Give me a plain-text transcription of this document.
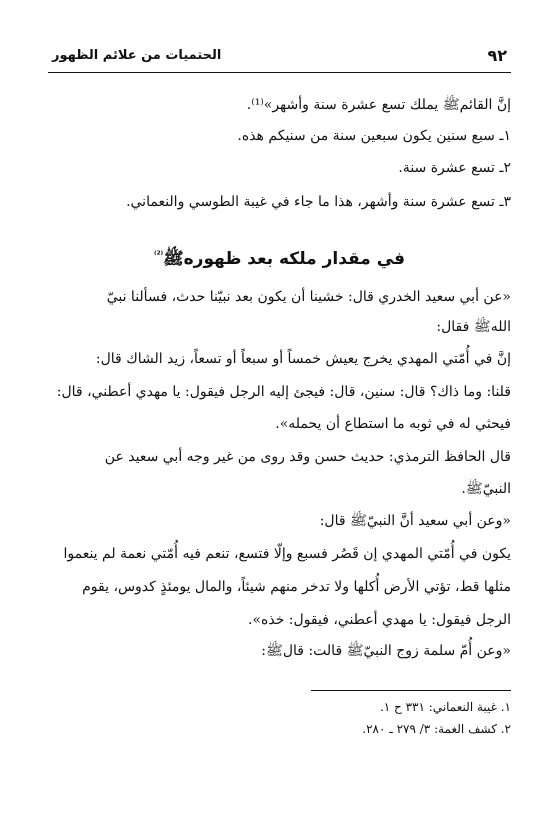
٩٢
الحتميات من علائم الظهور
إنَّ القائمﷺ يملك تسع عشرة سنة وأشهر»⁽¹⁾.
١ـ سبع سنين يكون سبعين سنة من سنيكم هذه.
٢ـ تسع عشرة سنة.
٣ـ تسع عشرة سنة وأشهر، هذا ما جاء في غيبة الطوسي والنعماني.
في مقدار ملكه بعد ظهورهﷺ$^{^{(2)}}$
«عن أبي سعيد الخدري قال: خشينا أن يكون بعد نبيّنا حدث، فسألنا نبيّ
اللهﷺ فقال:
إنَّ في أُمّتي المهدي يخرج يعيش خمساً أو سبعاً أو تسعاً، زيد الشاك قال:
قلنا: وما ذاك؟ قال: سنين، قال: فيجئ إليه الرجل فيقول: يا مهدي أعطني، قال:
فيحثي له في ثوبه ما استطاع أن يحمله».
قال الحافظ الترمذي: حديث حسن وقد روى من غير وجه أبي سعيد عن
النبيّﷺ.
«وعن أبي سعيد أنَّ النبيّﷺ قال:
يكون في أُمّتي المهدي إن قَصُر فسبع وإلّا فتسع، تنعم فيه أُمّتي نعمة لم ينعموا
مثلها قط، تؤتي الأرض أُكلها ولا تدخر منهم شيئاً، والمال يومئذٍ كدوس، يقوم
الرجل فيقول: يا مهدي أعطني، فيقول: خذه».
«وعن أُمّ سلمة زوج النبيّﷺ قالت: قالﷺ:
١. غيبة النعماني: ٣٣١ ح ١.
٢. كشف الغمة: ٣/ ٢٧٩ ـ ٢٨٠.
